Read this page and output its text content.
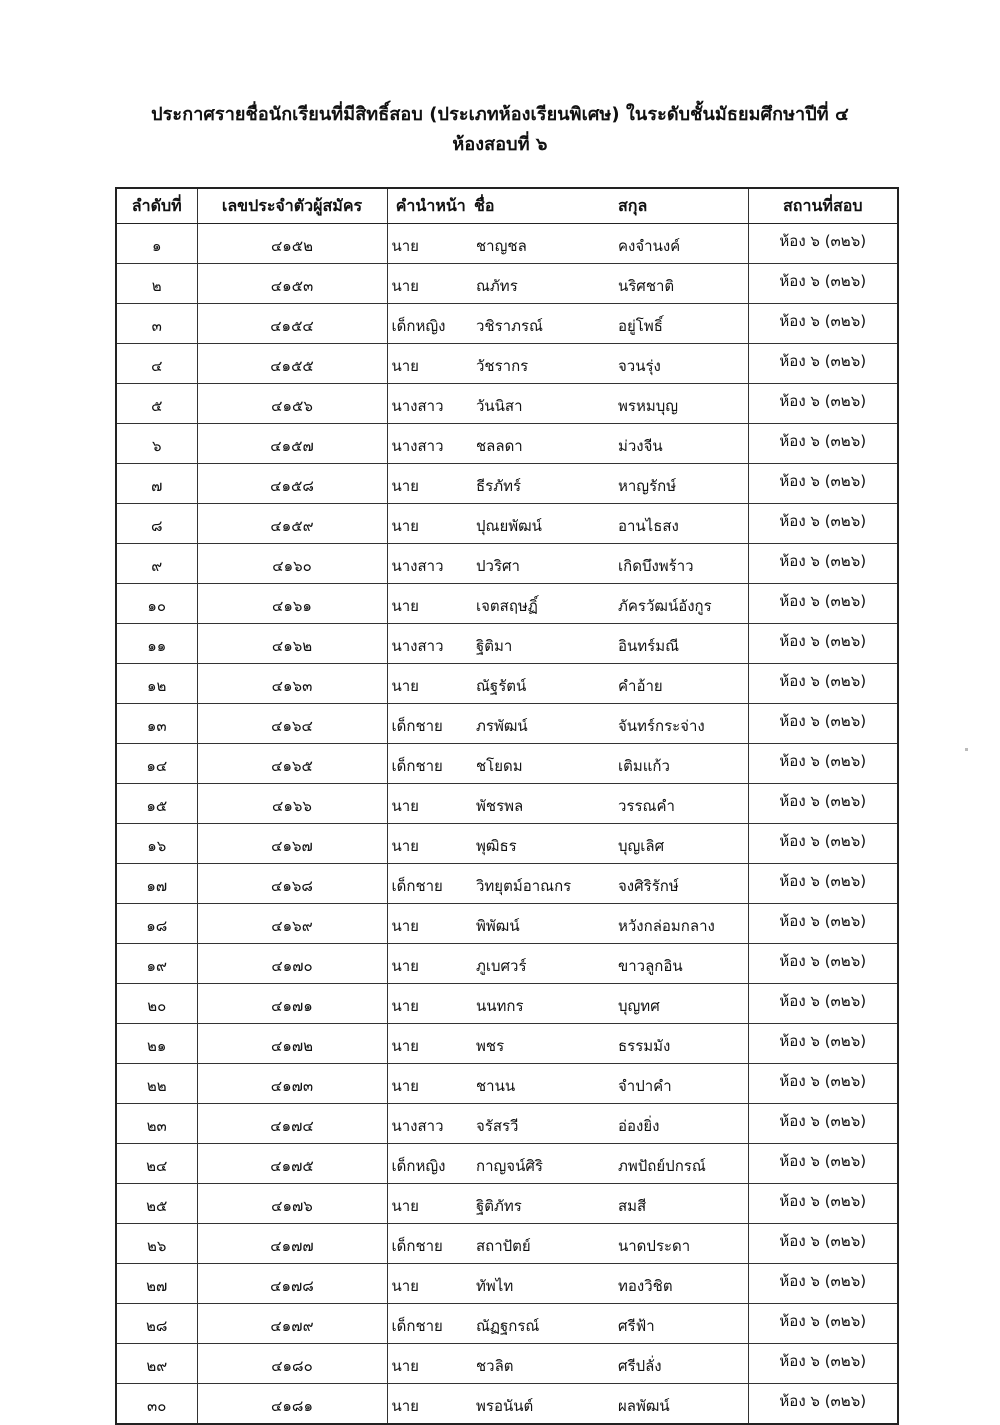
ประกาศรายชื่อนักเรียนที่มีสิทธิ์สอบ (ประเภทห้องเรียนพิเศษ) ในระดับชั้นมัธยมศึกษาปีที่ ๔
ห้องสอบที่ ๖
ลำดับที่	เลขประจำตัวผู้สมัคร	คำนำหน้า	ชื่อ	สกุล	สถานที่สอบ
๑	๔๑๕๒	นาย	ชาญชล	คงจำนงค์	ห้อง ๖ (๓๒๖)
๒	๔๑๕๓	นาย	ณภัทร	นริศชาติ	ห้อง ๖ (๓๒๖)
๓	๔๑๕๔	เด็กหญิง	วชิราภรณ์	อยู่โพธิ์	ห้อง ๖ (๓๒๖)
๔	๔๑๕๕	นาย	วัชรากร	จวนรุ่ง	ห้อง ๖ (๓๒๖)
๕	๔๑๕๖	นางสาว	วันนิสา	พรหมบุญ	ห้อง ๖ (๓๒๖)
๖	๔๑๕๗	นางสาว	ชลลดา	ม่วงจีน	ห้อง ๖ (๓๒๖)
๗	๔๑๕๘	นาย	ธีรภัทร์	หาญรักษ์	ห้อง ๖ (๓๒๖)
๘	๔๑๕๙	นาย	ปุณยพัฒน์	อานไธสง	ห้อง ๖ (๓๒๖)
๙	๔๑๖๐	นางสาว	ปวริศา	เกิดบึงพร้าว	ห้อง ๖ (๓๒๖)
๑๐	๔๑๖๑	นาย	เจตสฤษฏิ์	ภัครวัฒน์อังกูร	ห้อง ๖ (๓๒๖)
๑๑	๔๑๖๒	นางสาว	ฐิติมา	อินทร์มณี	ห้อง ๖ (๓๒๖)
๑๒	๔๑๖๓	นาย	ณัฐรัตน์	คำอ้าย	ห้อง ๖ (๓๒๖)
๑๓	๔๑๖๔	เด็กชาย	ภรพัฒน์	จันทร์กระจ่าง	ห้อง ๖ (๓๒๖)
๑๔	๔๑๖๕	เด็กชาย	ชโยดม	เติมแก้ว	ห้อง ๖ (๓๒๖)
๑๕	๔๑๖๖	นาย	พัชรพล	วรรณคำ	ห้อง ๖ (๓๒๖)
๑๖	๔๑๖๗	นาย	พุฒิธร	บุญเลิศ	ห้อง ๖ (๓๒๖)
๑๗	๔๑๖๘	เด็กชาย	วิทยุตม์อาณกร	จงศิริรักษ์	ห้อง ๖ (๓๒๖)
๑๘	๔๑๖๙	นาย	พิพัฒน์	หวังกล่อมกลาง	ห้อง ๖ (๓๒๖)
๑๙	๔๑๗๐	นาย	ภูเบศวร์	ขาวลูกอิน	ห้อง ๖ (๓๒๖)
๒๐	๔๑๗๑	นาย	นนทกร	บุญทศ	ห้อง ๖ (๓๒๖)
๒๑	๔๑๗๒	นาย	พชร	ธรรมมัง	ห้อง ๖ (๓๒๖)
๒๒	๔๑๗๓	นาย	ชานน	จำปาคำ	ห้อง ๖ (๓๒๖)
๒๓	๔๑๗๔	นางสาว	จรัสรวี	อ่องยิ่ง	ห้อง ๖ (๓๒๖)
๒๔	๔๑๗๕	เด็กหญิง	กาญจน์ศิริ	ภพปัถย์ปกรณ์	ห้อง ๖ (๓๒๖)
๒๕	๔๑๗๖	นาย	ฐิติภัทร	สมสี	ห้อง ๖ (๓๒๖)
๒๖	๔๑๗๗	เด็กชาย	สถาปัตย์	นาดประดา	ห้อง ๖ (๓๒๖)
๒๗	๔๑๗๘	นาย	ทัพไท	ทองวิชิต	ห้อง ๖ (๓๒๖)
๒๘	๔๑๗๙	เด็กชาย	ณัฏฐกรณ์	ศรีฟ้า	ห้อง ๖ (๓๒๖)
๒๙	๔๑๘๐	นาย	ชวลิต	ศรีปลั่ง	ห้อง ๖ (๓๒๖)
๓๐	๔๑๘๑	นาย	พรอนันต์	ผลพัฒน์	ห้อง ๖ (๓๒๖)
